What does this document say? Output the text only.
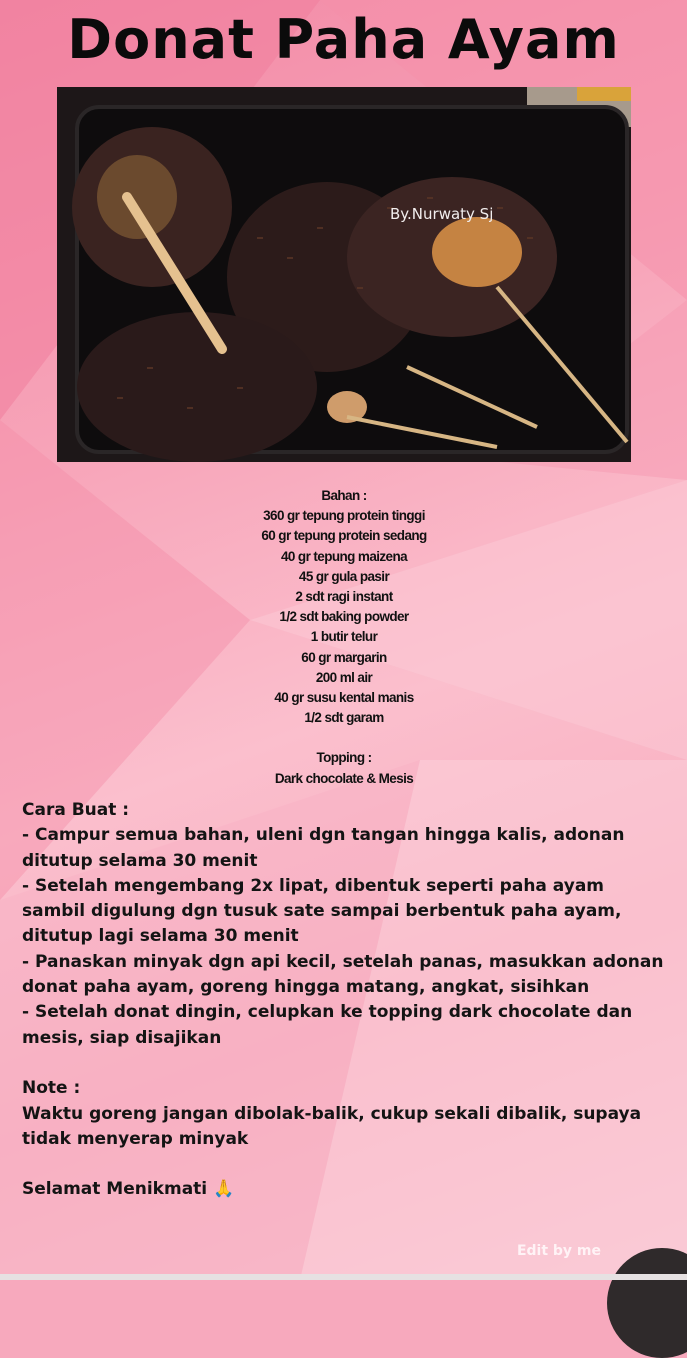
Donat Paha Ayam
By.Nurwaty Sj
Bahan :
360 gr tepung protein tinggi
60 gr tepung protein sedang
40 gr tepung maizena
45 gr gula pasir
2 sdt ragi instant
1/2 sdt baking powder
1 butir telur
60 gr margarin
200 ml air
40 gr susu kental manis
1/2 sdt garam
Topping :
Dark chocolate & Mesis

Cara Buat :

- Campur semua bahan, uleni dgn tangan hingga kalis, adonan ditutup selama 30 menit

- Setelah mengembang 2x lipat, dibentuk seperti paha ayam sambil digulung dgn tusuk sate sampai berbentuk paha ayam, ditutup lagi selama 30 menit

- Panaskan minyak dgn api kecil, setelah panas, masukkan adonan donat paha ayam, goreng hingga matang, angkat, sisihkan

- Setelah donat dingin, celupkan ke topping dark chocolate dan mesis, siap disajikan

Note :

Waktu goreng jangan dibolak-balik, cukup sekali dibalik, supaya tidak menyerap minyak

Selamat Menikmati 🙏

Edit by me
